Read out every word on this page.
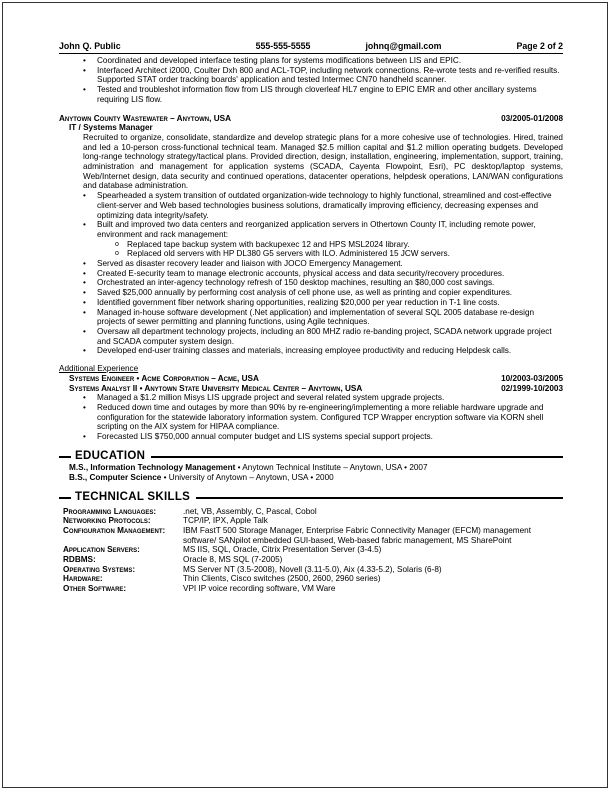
John Q. Public	555-555-5555	johnq@gmail.com	Page 2 of 2
• Coordinated and developed interface testing plans for systems modifications between LIS and EPIC.
• Interfaced Architect i2000, Coulter Dxh 800 and ACL-TOP, including network connections. Re-wrote tests and re-verified results. Supported STAT order tracking boards' application and tested Intermec CN70 handheld scanner.
• Tested and troubleshot information flow from LIS through cloverleaf HL7 engine to EPIC EMR and other ancillary systems requiring LIS flow.
Anytown County Wastewater – Anytown, USA	03/2005-01/2008
IT / Systems Manager
Recruited to organize, consolidate, standardize and develop strategic plans for a more cohesive use of technologies. Hired, trained and led a 10-person cross-functional technical team. Managed $2.5 million capital and $1.2 million operating budgets. Developed long-range technology strategy/tactical plans. Provided direction, design, installation, engineering, implementation, support, training, administration and management for application systems (SCADA, Cayenta Flowpoint, Esri), PC desktop/laptop systems, Web/Internet design, data security and continued operations, datacenter operations, helpdesk operations, LAN/WAN configurations and database administration.
• Spearheaded a system transition of outdated organization-wide technology to highly functional, streamlined and cost-effective client-server and Web based technologies business solutions, dramatically improving efficiency, decreasing expenses and optimizing data integrity/safety.
• Built and improved two data centers and reorganized application servers in Othertown County IT, including remote power, environment and rack management:
o Replaced tape backup system with backupexec 12 and HPS MSL2024 library.
o Replaced old servers with HP DL380 G5 servers with ILO. Administered 15 JCW servers.
• Served as disaster recovery leader and liaison with JOCO Emergency Management.
• Created E-security team to manage electronic accounts, physical access and data security/recovery procedures.
• Orchestrated an inter-agency technology refresh of 150 desktop machines, resulting an $80,000 cost savings.
• Saved $25,000 annually by performing cost analysis of cell phone use, as well as printing and copier expenditures.
• Identified government fiber network sharing opportunities, realizing $20,000 per year reduction in T-1 line costs.
• Managed in-house software development (.Net application) and implementation of several SQL 2005 database re-design projects of sewer permitting and planning functions, using Agile techniques.
• Oversaw all department technology projects, including an 800 MHZ radio re-banding project, SCADA network upgrade project and SCADA computer system design.
• Developed end-user training classes and materials, increasing employee productivity and reducing Helpdesk calls.
Additional Experience
Systems Engineer • Acme Corporation – Acme, USA	10/2003-03/2005
Systems Analyst II • Anytown State University Medical Center – Anytown, USA	02/1999-10/2003
• Managed a $1.2 million Misys LIS upgrade project and several related system upgrade projects.
• Reduced down time and outages by more than 90% by re-engineering/implementing a more reliable hardware upgrade and configuration for the statewide laboratory information system. Configured TCP Wrapper encryption software via KORN shell scripting on the AIX system for HIPAA compliance.
• Forecasted LIS $750,000 annual computer budget and LIS systems special support projects.
EDUCATION
M.S., Information Technology Management • Anytown Technical Institute – Anytown, USA • 2007
B.S., Computer Science • University of Anytown – Anytown, USA • 2000
TECHNICAL SKILLS
Programming Languages:	.net, VB, Assembly, C, Pascal, Cobol
Networking Protocols:	TCP/IP, IPX, Apple Talk
Configuration Management:	IBM FastT 500 Storage Manager, Enterprise Fabric Connectivity Manager (EFCM) management software/ SANpilot embedded GUI-based, Web-based fabric management, MS SharePoint
Application Servers:	MS IIS, SQL, Oracle, Citrix Presentation Server (3-4.5)
RDBMS:	Oracle 8, MS SQL (7-2005)
Operating Systems:	MS Server NT (3.5-2008), Novell (3.11-5.0), Aix (4.33-5.2), Solaris (6-8)
Hardware:	Thin Clients, Cisco switches (2500, 2600, 2960 series)
Other Software:	VPI IP voice recording software, VM Ware
